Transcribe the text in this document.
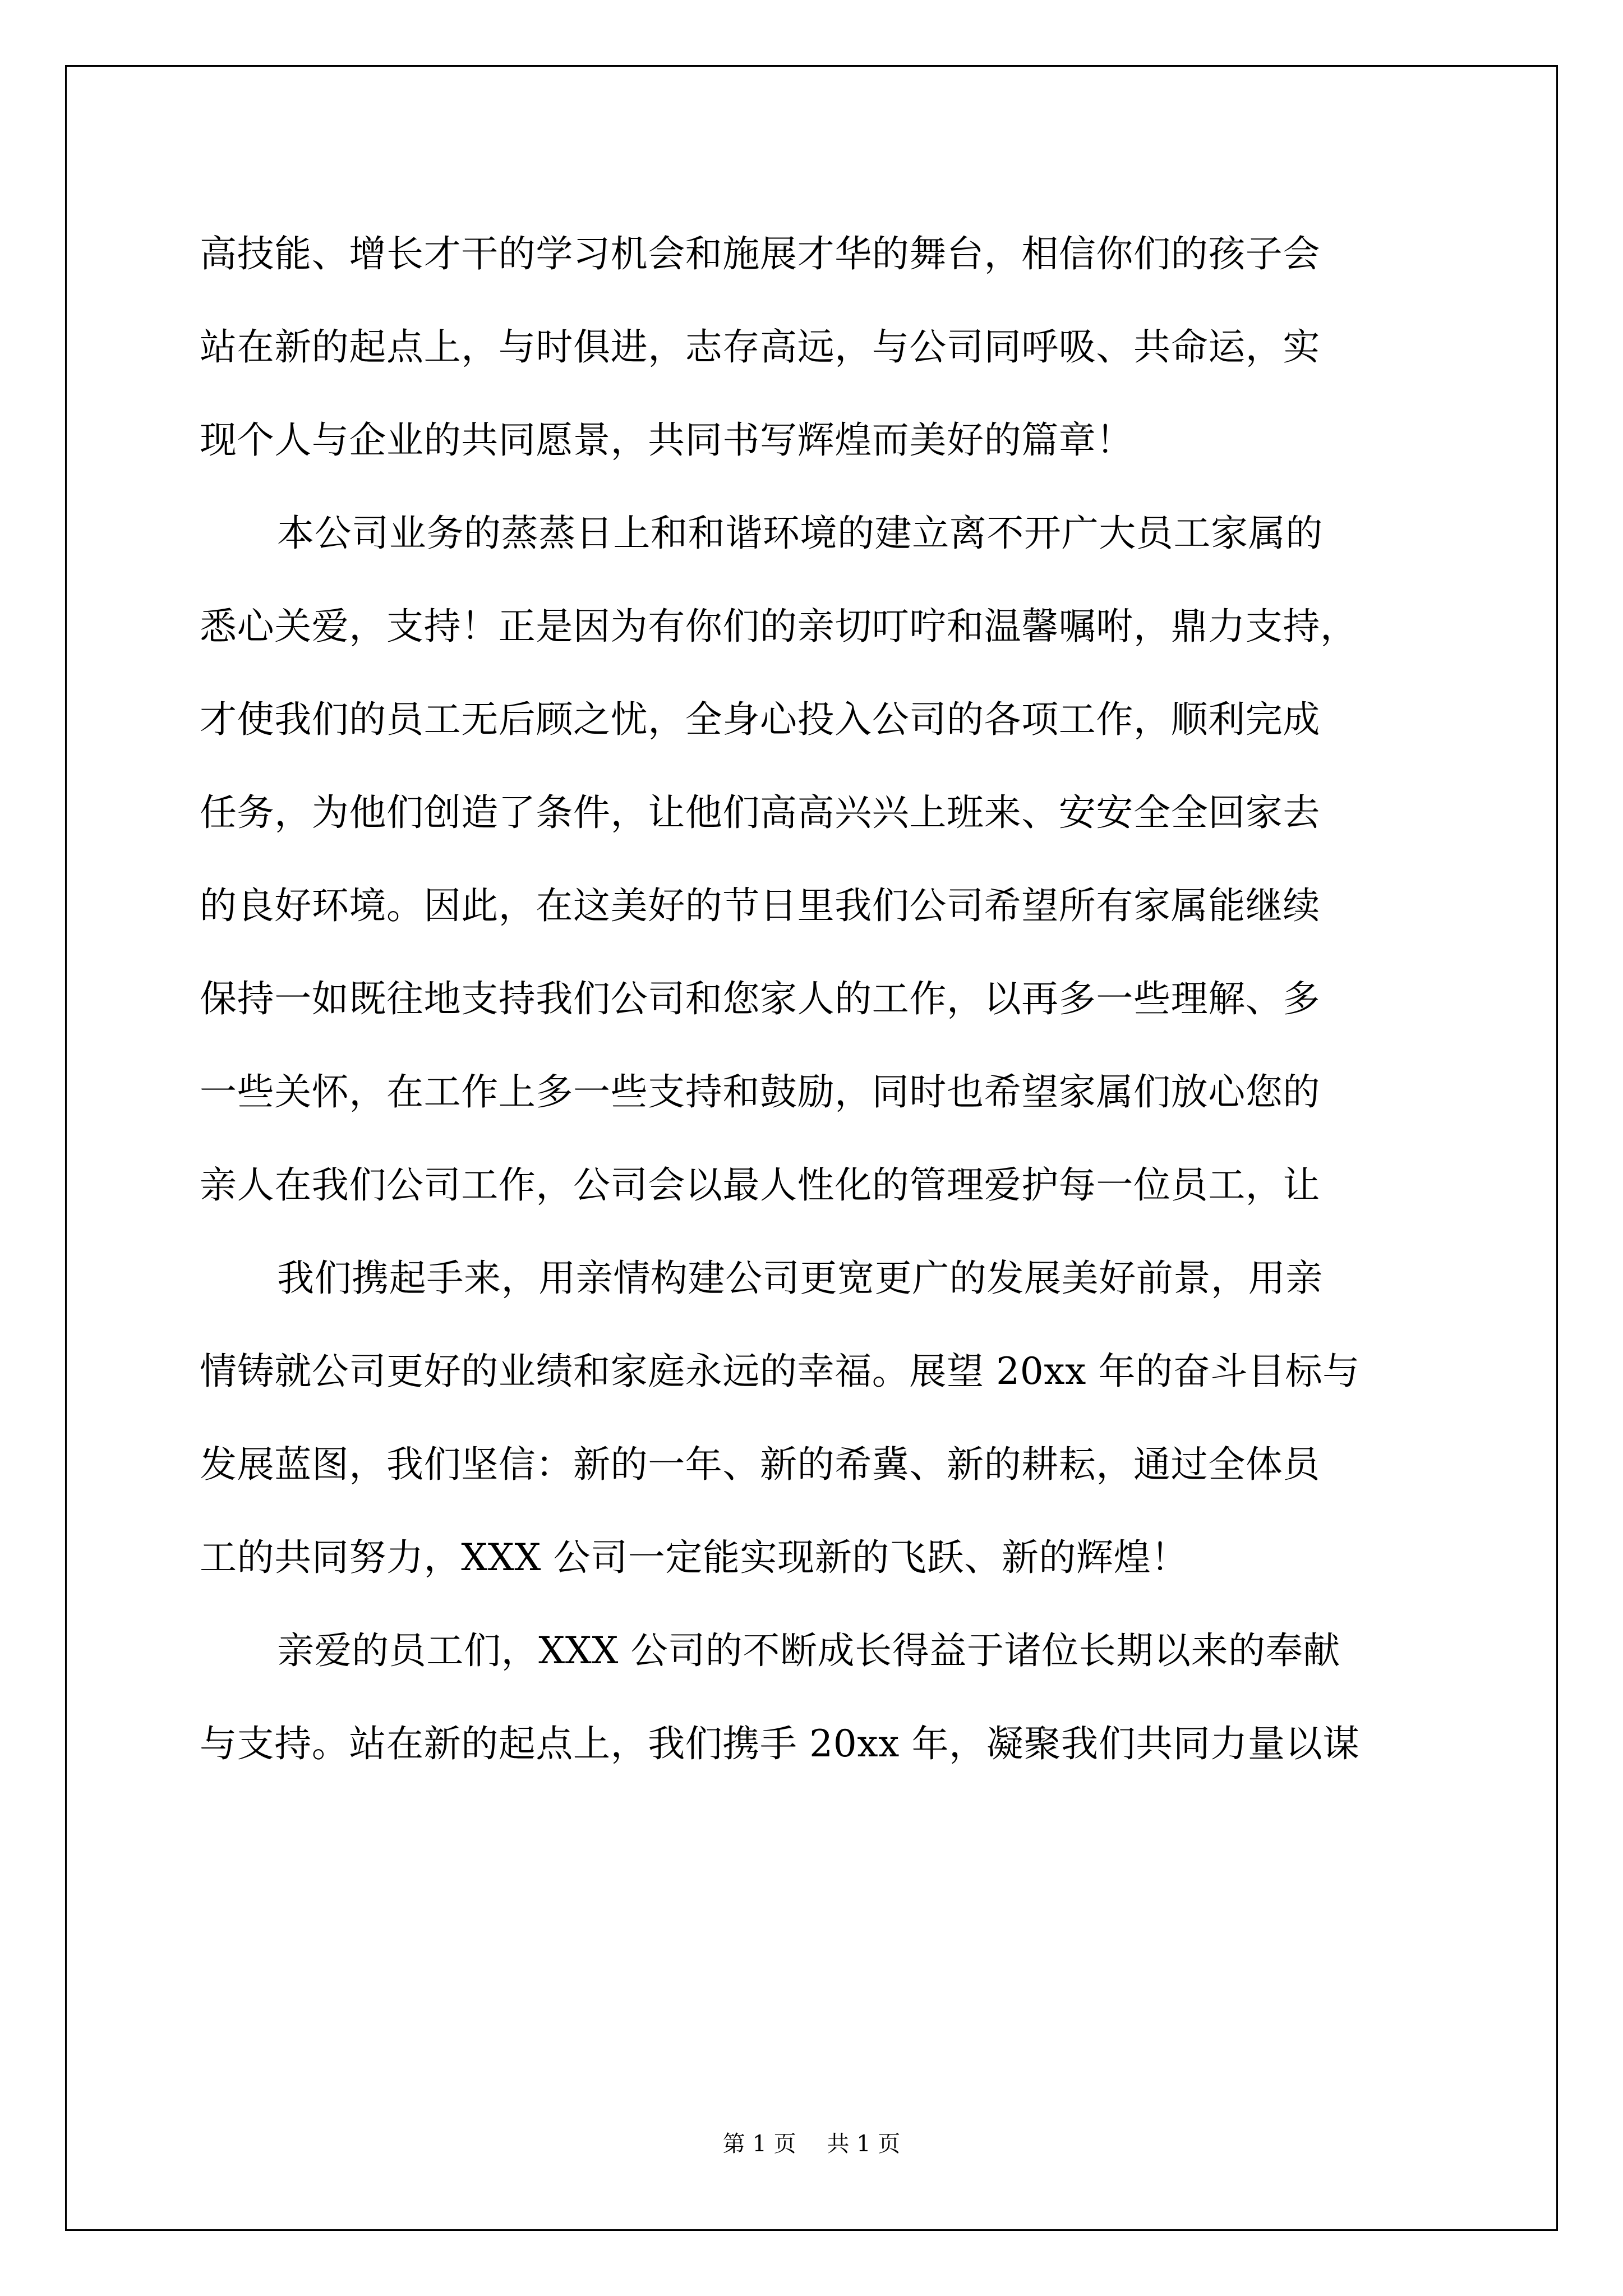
高技能、增长才干的学习机会和施展才华的舞台，相信你们的孩子会
站在新的起点上，与时俱进，志存高远，与公司同呼吸、共命运，实
现个人与企业的共同愿景，共同书写辉煌而美好的篇章！
本公司业务的蒸蒸日上和和谐环境的建立离不开广大员工家属的
悉心关爱，支持！正是因为有你们的亲切叮咛和温馨嘱咐，鼎力支持，
才使我们的员工无后顾之忧，全身心投入公司的各项工作，顺利完成
任务，为他们创造了条件，让他们高高兴兴上班来、安安全全回家去
的良好环境。因此，在这美好的节日里我们公司希望所有家属能继续
保持一如既往地支持我们公司和您家人的工作，以再多一些理解、多
一些关怀，在工作上多一些支持和鼓励，同时也希望家属们放心您的
亲人在我们公司工作，公司会以最人性化的管理爱护每一位员工，让
我们携起手来，用亲情构建公司更宽更广的发展美好前景，用亲
情铸就公司更好的业绩和家庭永远的幸福。展望 20xx 年的奋斗目标与
发展蓝图，我们坚信：新的一年、新的希冀、新的耕耘，通过全体员
工的共同努力，XXX 公司一定能实现新的飞跃、新的辉煌！
亲爱的员工们，XXX 公司的不断成长得益于诸位长期以来的奉献
与支持。站在新的起点上，我们携手 20xx 年，凝聚我们共同力量以谋
第 1 页 共 1 页
